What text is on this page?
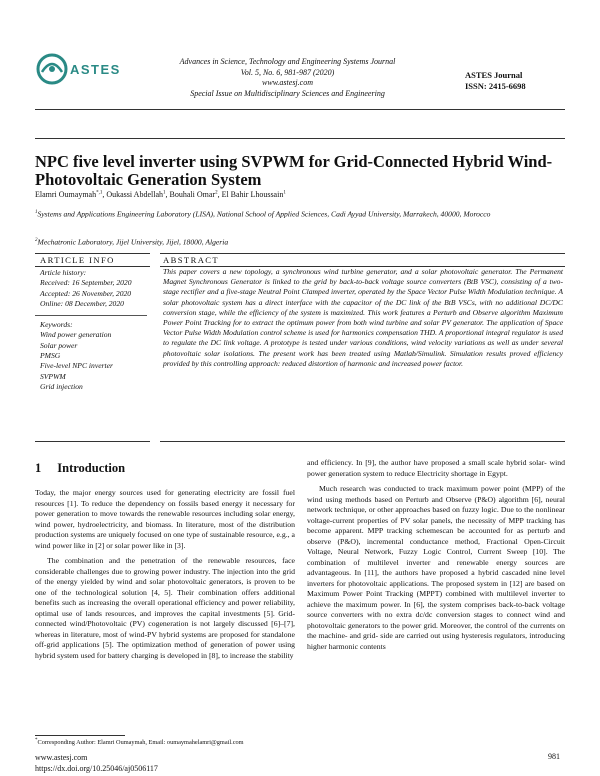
ASTES
Advances in Science, Technology and Engineering Systems Journal
Vol. 5, No. 6, 981-987 (2020)
www.astesj.com
Special Issue on Multidisciplinary Sciences and Engineering
ASTES Journal
ISSN: 2415-6698
NPC five level inverter using SVPWM for Grid-Connected Hybrid Wind-Photovoltaic Generation System
Elamri Oumaymah$^{*,1}$, Oukassi Abdellah$^1$, Bouhali Omar$^2$, El Bahir Lhoussain$^1$
$^1$Systems and Applications Engineering Laboratory (LISA), National School of Applied Sciences, Cadi Ayyad University, Marrakech, 40000, Morocco
$^2$Mechatronic Laboratory, Jijel University, Jijel, 18000, Algeria
ARTICLE INFO	ABSTRACT
Article history:
Received: 16 September, 2020
Accepted: 26 November, 2020
Online: 08 December, 2020
Keywords:
Wind power generation
Solar power
PMSG
Five-level NPC inverter
SVPWM
Grid injection
This paper covers a new topology, a synchronous wind turbine generator, and a solar photovoltaic generator. The Permanent Magnet Synchronous Generator is linked to the grid by back-to-back voltage source converters (BtB VSC), consisting of a two-stage rectifier and a five-stage Neutral Point Clamped inverter, operated by the Space Vector Pulse Width Modulation technique. A solar photovoltaic system has a direct interface with the capacitor of the DC link of the BtB VSCs, with no additional DC/DC conversion stage, while the efficiency of the system is maximized. This work features a Perturb and Observe algorithm Maximum Power Point Tracking for to extract the optimum power from both wind turbine and solar PV generator. The application of Space Vector Pulse Width Modulation control scheme is used for harmonics compensation THD. A proportional integral regulator is used to regulate the DC link voltage. A prototype is tested under various conditions, wind velocity variations as well as under several photovoltaic solar isolations. The present work has been treated using Matlab/Simulink. Simulation results proved efficiency provided by this controlling approach: reduced distortion of harmonic and increased power factor.
1 Introduction

Today, the major energy sources used for generating electricity are fossil fuel resources [1]. To reduce the dependency on fossils based energy it necessary for power generation to move towards the renewable resources including solar energy, wind power, hydroelectricity, and biomass. In literature, most of the distribution production systems are uniquely focused on one type of sustainable resource, e.g., a wind power like in [2] or solar power like in [3].

The combination and the penetration of the renewable resources, face considerable challenges due to growing power industry. The injection into the grid of the energy yielded by wind and solar photovoltaic generators, is proven to be one of the technological solution [4, 5]. Their combination offers additional benefits such as increasing the overall operational efficiency and power reliability, optimal use of lands resources, and improves the capital investments [5]. Grid-connected wind/Photovoltaic (PV) cogeneration is not largely discussed [6]–[7], whereas in literature, most of wind-PV hybrid systems are proposed for standalone off-grid applications [5]. The optimization method of generation of power using hybrid system used for battery charging is developed in [8], to increase the stability

and efficiency. In [9], the author have proposed a small scale hybrid solar- wind power generation system to reduce Electricity shortage in Egypt.

Much research was conducted to track maximum power point (MPP) of the wind using methods based on Perturb and Observe (P&O) algorithm [6], neural network technique, or other approaches based on fuzzy logic. Due to the nonlinear voltage-current properties of PV solar panels, the necessity of MPP tracking has become apparent. MPP tracking schemescan be accounted for as perturb and observe (P&O), incremental conductance method, Fractional Open-Circuit Voltage, Neural Network, Fuzzy Logic Control, Current Sweep [10]. The combination of multilevel inverter and renewable energy sources are advantageous. In [11], the authors have proposed a hybrid cascaded nine level inverters for photovoltaic applications. The proposed system in [12] are based on Maximum Power Point Tracking (MPPT) combined with multilevel inverter to achieve the maximum power. In [6], the system comprises back-to-back voltage source converters with no extra dc/dc conversion stages to connect wind and photovoltaic generators to the power grid. Moreover, the control of the currents on the machine- and grid- side are carried out using hysteresis regulators, introducing higher harmonic contents

*Corresponding Author: Elamri Oumaymah, Email: oumaymahelamri@gmail.com
www.astesj.com
https://dx.doi.org/10.25046/aj0506117
981
